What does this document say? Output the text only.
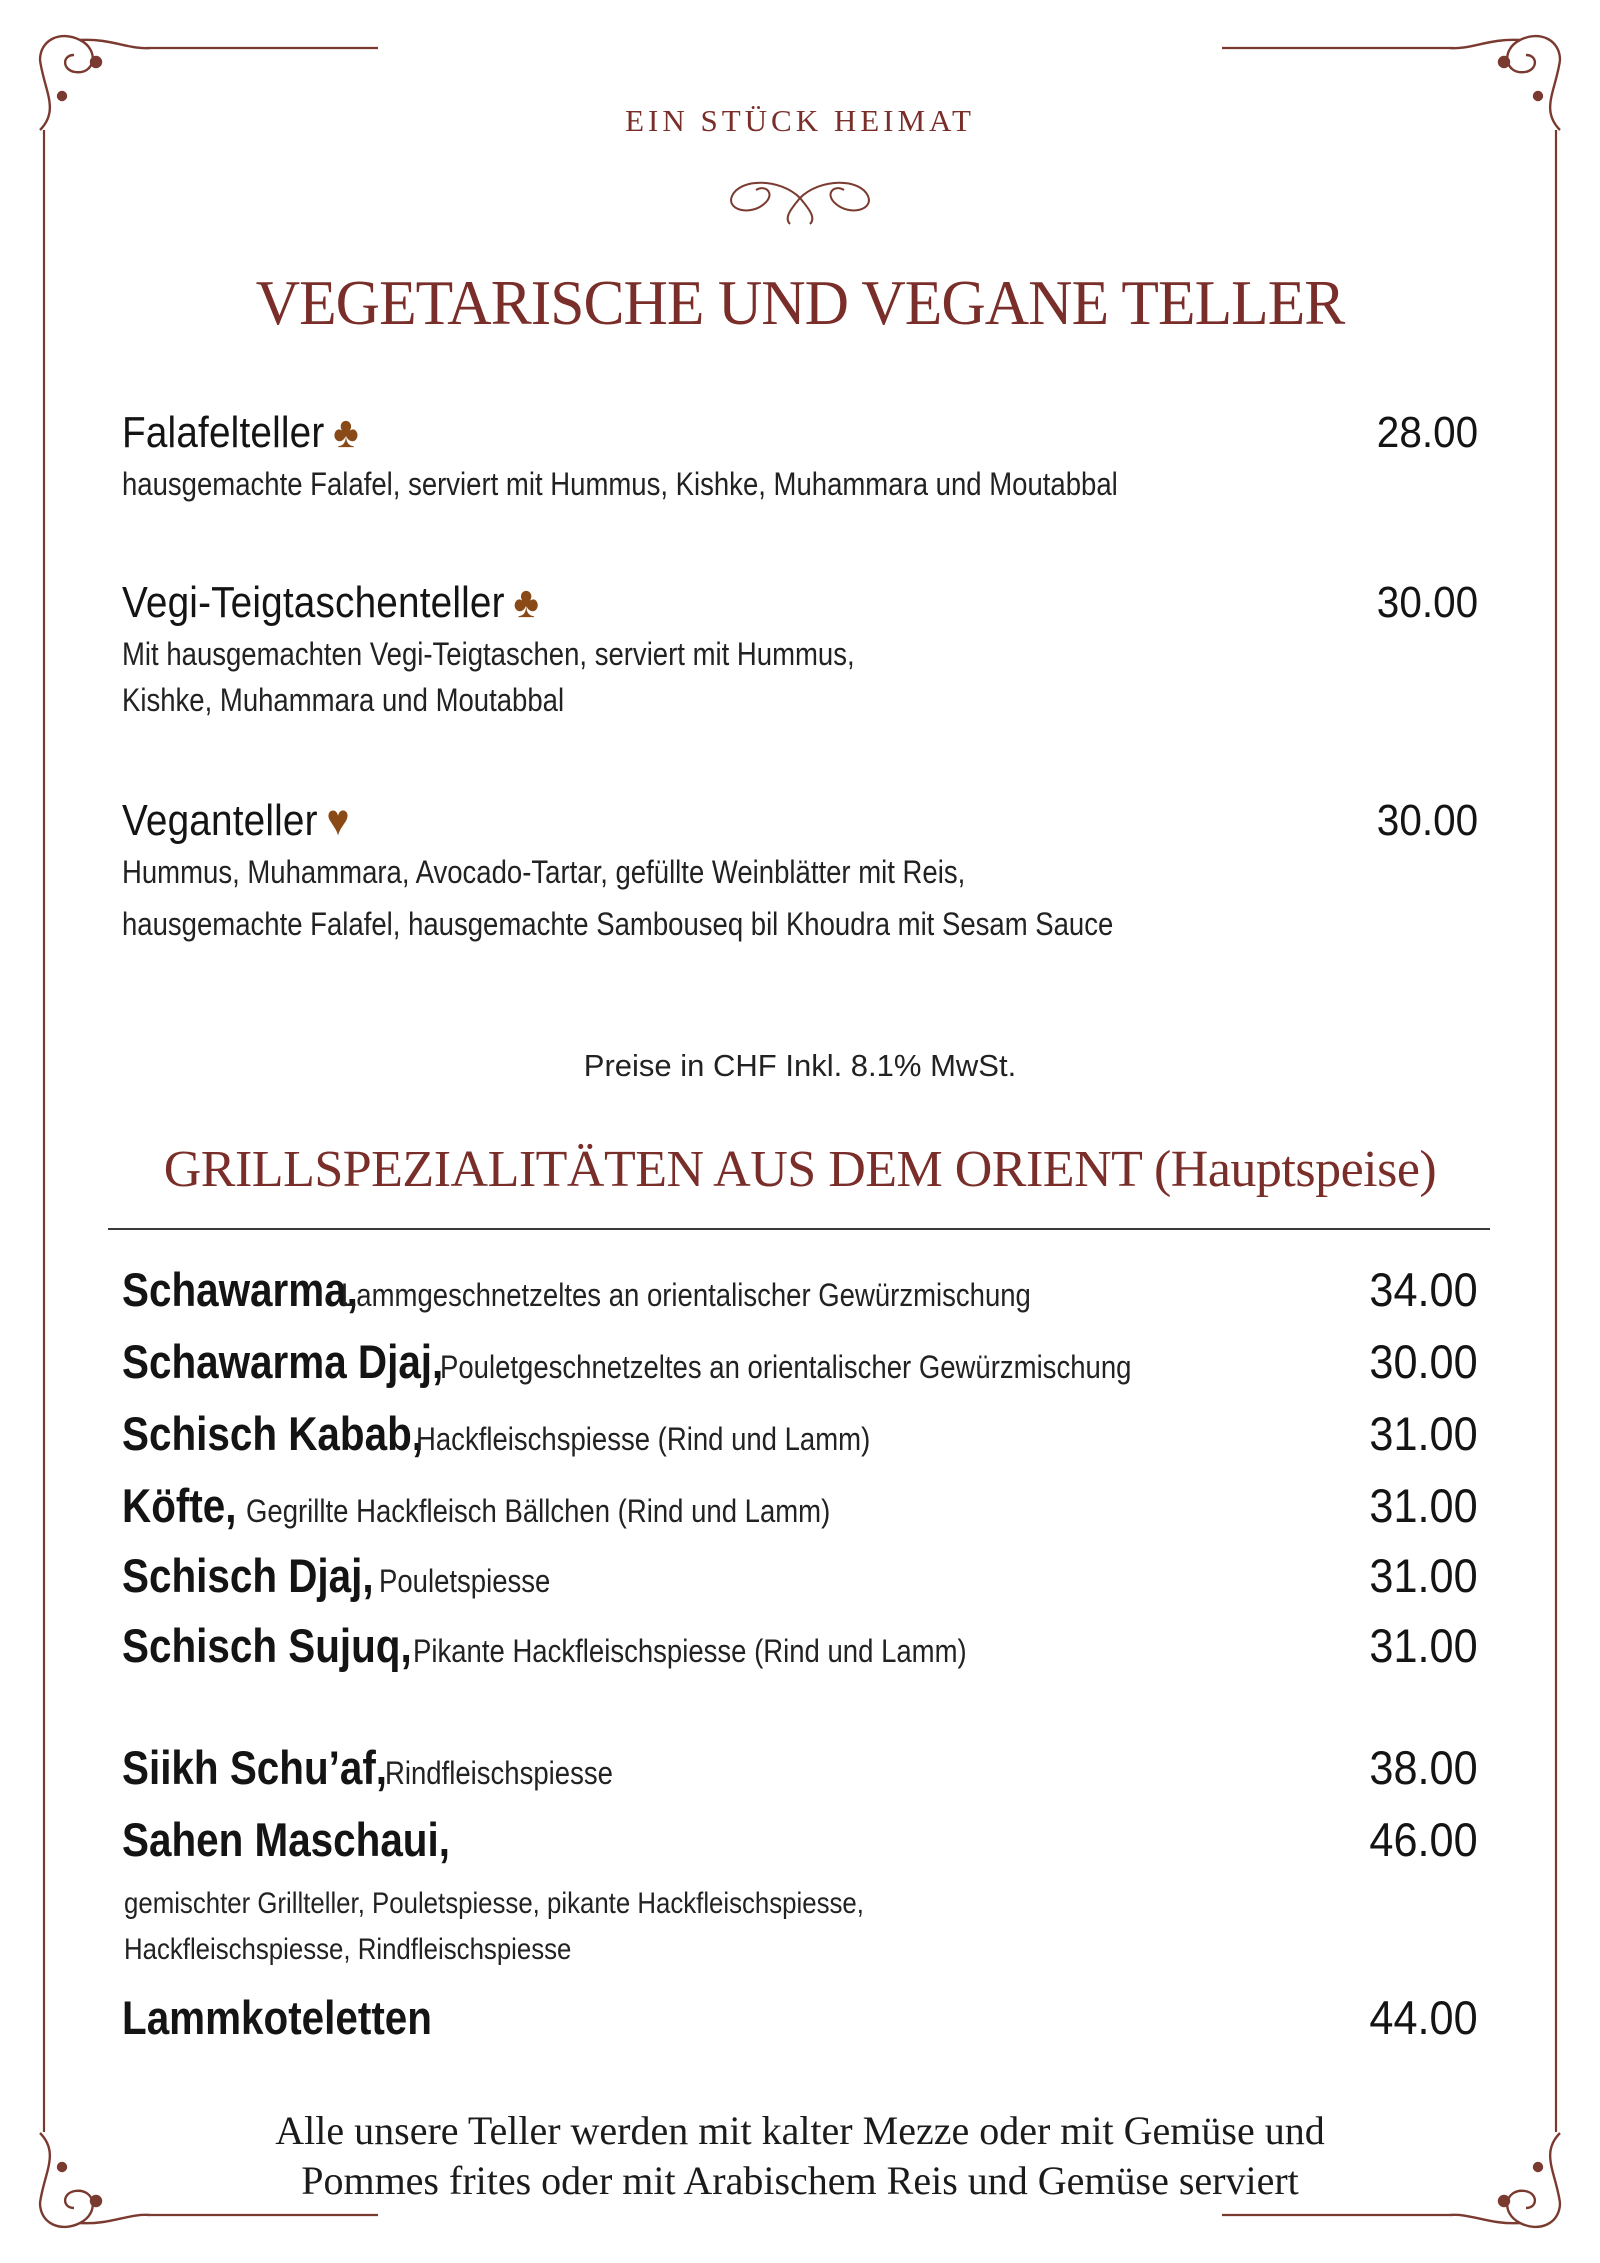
EIN STÜCK HEIMAT
VEGETARISCHE UND VEGANE TELLER
Falafelteller ♣	28.00
hausgemachte Falafel, serviert mit Hummus, Kishke, Muhammara und Moutabbal
Vegi-Teigtaschenteller ♣	30.00
Mit hausgemachten Vegi-Teigtaschen, serviert mit Hummus,
Kishke, Muhammara und Moutabbal
Veganteller ♥	30.00
Hummus, Muhammara, Avocado-Tartar, gefüllte Weinblätter mit Reis,
hausgemachte Falafel, hausgemachte Sambouseq bil Khoudra mit Sesam Sauce
Preise in CHF Inkl. 8.1% MwSt.
GRILLSPEZIALITÄTEN AUS DEM ORIENT (Hauptspeise)
Schawarma, Lammgeschnetzeltes an orientalischer Gewürzmischung	34.00
Schawarma Djaj, Pouletgeschnetzeltes an orientalischer Gewürzmischung	30.00
Schisch Kabab, Hackfleischspiesse (Rind und Lamm)	31.00
Köfte, Gegrillte Hackfleisch Bällchen (Rind und Lamm)	31.00
Schisch Djaj, Pouletspiesse	31.00
Schisch Sujuq, Pikante Hackfleischspiesse (Rind und Lamm)	31.00
Siikh Schu’af, Rindfleischspiesse	38.00
Sahen Maschaui,	46.00
gemischter Grillteller, Pouletspiesse, pikante Hackfleischspiesse,
Hackfleischspiesse, Rindfleischspiesse
Lammkoteletten	44.00
Alle unsere Teller werden mit kalter Mezze oder mit Gemüse und
Pommes frites oder mit Arabischem Reis und Gemüse serviert
